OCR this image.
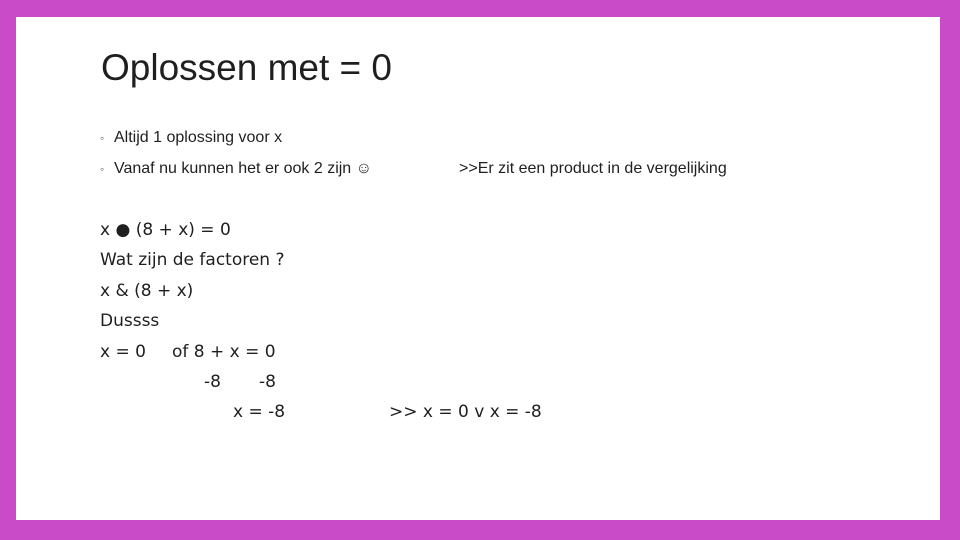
Oplossen met = 0
◦ Altijd 1 oplossing voor x
◦ Vanaf nu kunnen het er ook 2 zijn ☺	>>Er zit een product in de vergelijking
x ● (8 + x) = 0
Wat zijn de factoren ?
x & (8 + x)
Dussss
x = 0 of 8 + x = 0
-8 -8
x = -8	>> x = 0 v x = -8
